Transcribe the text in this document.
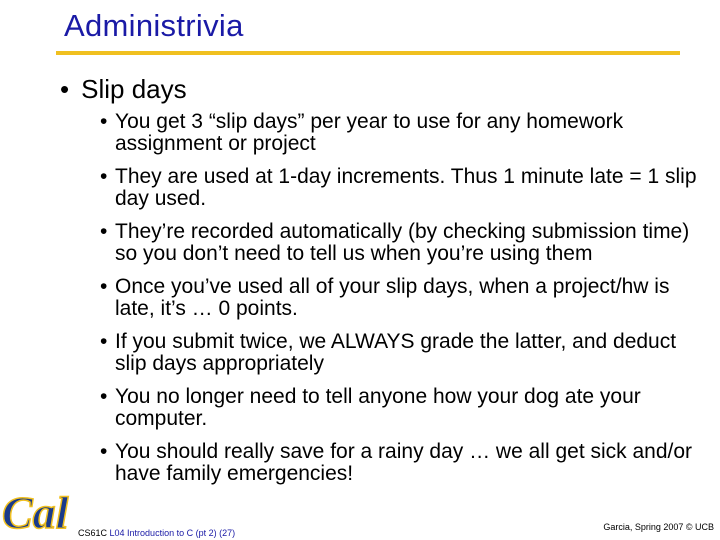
Administrivia
• Slip days
• You get 3 “slip days” per year to use for any homework assignment or project
• They are used at 1-day increments. Thus 1 minute late = 1 slip day used.
• They’re recorded automatically (by checking submission time) so you don’t need to tell us when you’re using them
• Once you’ve used all of your slip days, when a project/hw is late, it’s … 0 points.
• If you submit twice, we ALWAYS grade the latter, and deduct slip days appropriately
• You no longer need to tell anyone how your dog ate your computer.
• You should really save for a rainy day … we all get sick and/or have family emergencies!
Cal CS61C L04 Introduction to C (pt 2) (27)
Garcia, Spring 2007 © UCB
